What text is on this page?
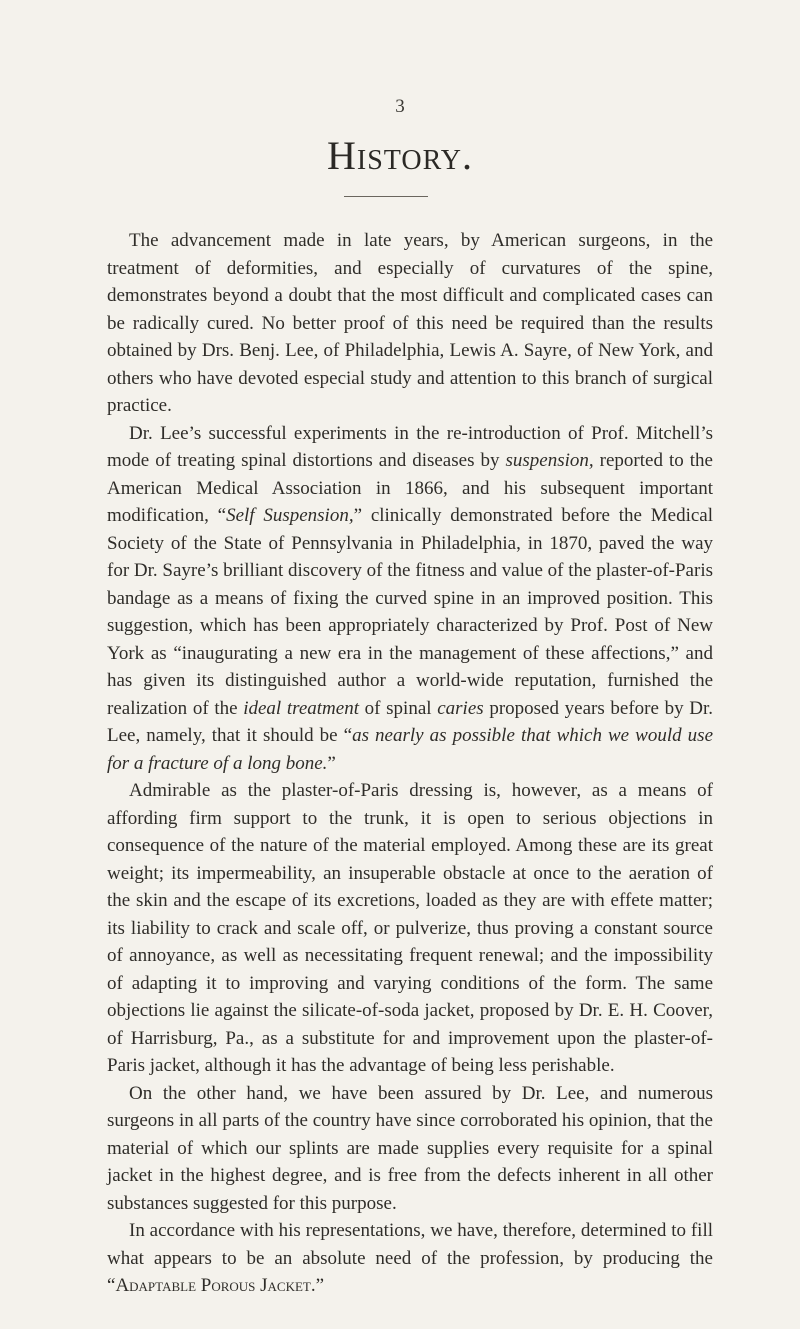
3
History.

The advancement made in late years, by American surgeons, in the treatment of deformities, and especially of curvatures of the spine, demonstrates beyond a doubt that the most difficult and complicated cases can be radically cured. No better proof of this need be required than the results obtained by Drs. Benj. Lee, of Philadelphia, Lewis A. Sayre, of New York, and others who have devoted especial study and attention to this branch of surgical practice.

Dr. Lee’s successful experiments in the re-introduction of Prof. Mitchell’s mode of treating spinal distortions and diseases by suspension, reported to the American Medical Association in 1866, and his subsequent important modification, “Self Suspension,” clinically demonstrated before the Medical Society of the State of Pennsylvania in Philadelphia, in 1870, paved the way for Dr. Sayre’s brilliant discovery of the fitness and value of the plaster-of-Paris bandage as a means of fixing the curved spine in an improved position. This suggestion, which has been appropriately characterized by Prof. Post of New York as “inaugurating a new era in the management of these affections,” and has given its distinguished author a world-wide reputation, furnished the realization of the ideal treatment of spinal caries proposed years before by Dr. Lee, namely, that it should be “as nearly as possible that which we would use for a fracture of a long bone.”

Admirable as the plaster-of-Paris dressing is, however, as a means of affording firm support to the trunk, it is open to serious objections in consequence of the nature of the material employed. Among these are its great weight; its impermeability, an insuperable obstacle at once to the aeration of the skin and the escape of its excretions, loaded as they are with effete matter; its liability to crack and scale off, or pulverize, thus proving a constant source of annoyance, as well as necessitating frequent renewal; and the impossibility of adapting it to improving and varying conditions of the form. The same objections lie against the silicate-of-soda jacket, proposed by Dr. E. H. Coover, of Harrisburg, Pa., as a substitute for and improvement upon the plaster-of-Paris jacket, although it has the advantage of being less perishable.

On the other hand, we have been assured by Dr. Lee, and numerous surgeons in all parts of the country have since corroborated his opinion, that the material of which our splints are made supplies every requisite for a spinal jacket in the highest degree, and is free from the defects inherent in all other substances suggested for this purpose.

In accordance with his representations, we have, therefore, determined to fill what appears to be an absolute need of the profession, by producing the “Adaptable Porous Jacket.”
